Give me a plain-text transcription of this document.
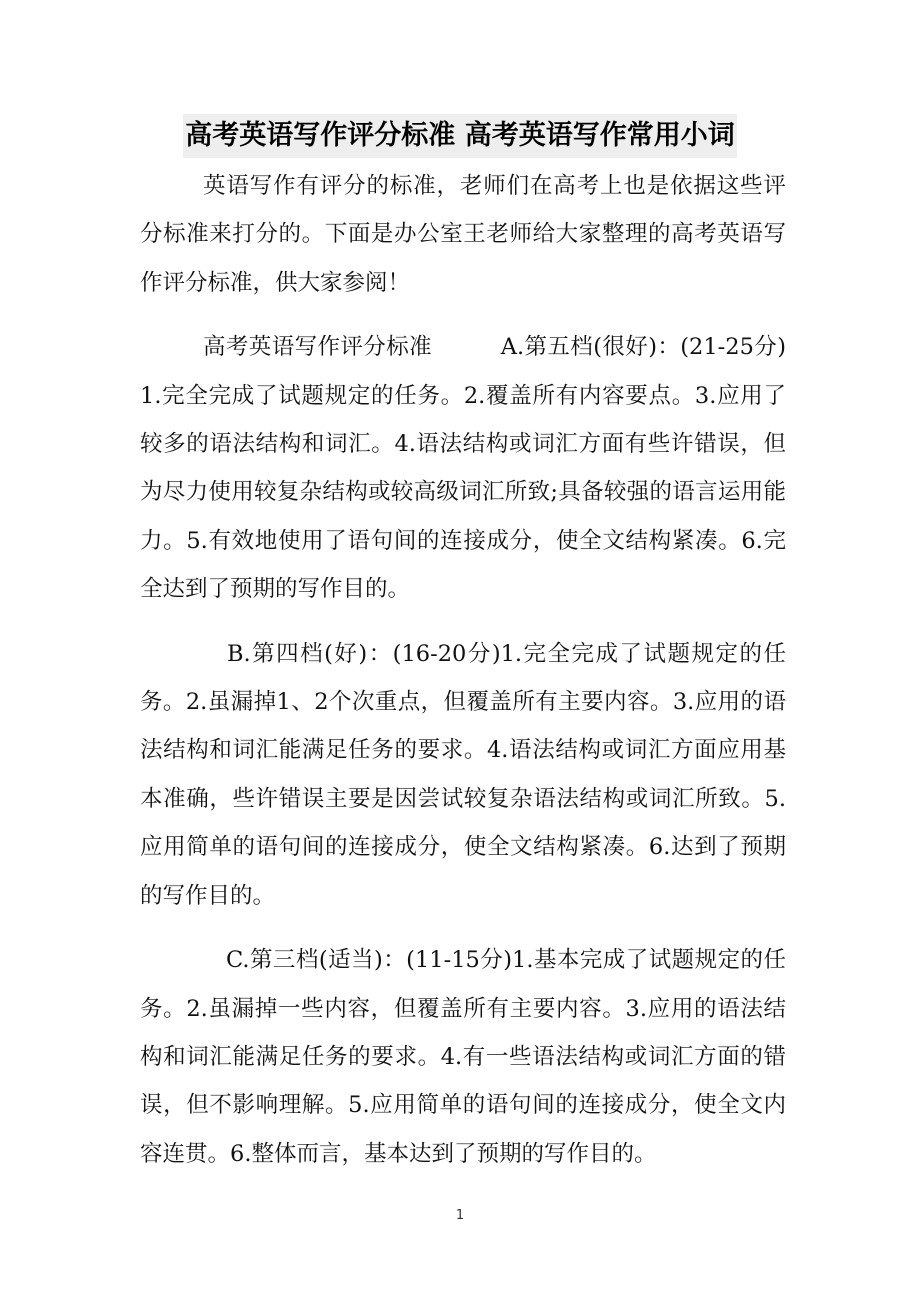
高考英语写作评分标准 高考英语写作常用小词

英语写作有评分的标准，老师们在高考上也是依据这些评分标准来打分的。下面是办公室王老师给大家整理的高考英语写作评分标准，供大家参阅！

高考英语写作评分标准　　　A.第五档(很好)：(21-25分)1.完全完成了试题规定的任务。2.覆盖所有内容要点。3.应用了较多的语法结构和词汇。4.语法结构或词汇方面有些许错误，但为尽力使用较复杂结构或较高级词汇所致;具备较强的语言运用能力。5.有效地使用了语句间的连接成分，使全文结构紧凑。6.完全达到了预期的写作目的。

　B.第四档(好)：(16-20分)1.完全完成了试题规定的任务。2.虽漏掉1、2个次重点，但覆盖所有主要内容。3.应用的语法结构和词汇能满足任务的要求。4.语法结构或词汇方面应用基本准确，些许错误主要是因尝试较复杂语法结构或词汇所致。5.应用简单的语句间的连接成分，使全文结构紧凑。6.达到了预期的写作目的。

　C.第三档(适当)：(11-15分)1.基本完成了试题规定的任务。2.虽漏掉一些内容，但覆盖所有主要内容。3.应用的语法结构和词汇能满足任务的要求。4.有一些语法结构或词汇方面的错误，但不影响理解。5.应用简单的语句间的连接成分，使全文内容连贯。6.整体而言，基本达到了预期的写作目的。

1
